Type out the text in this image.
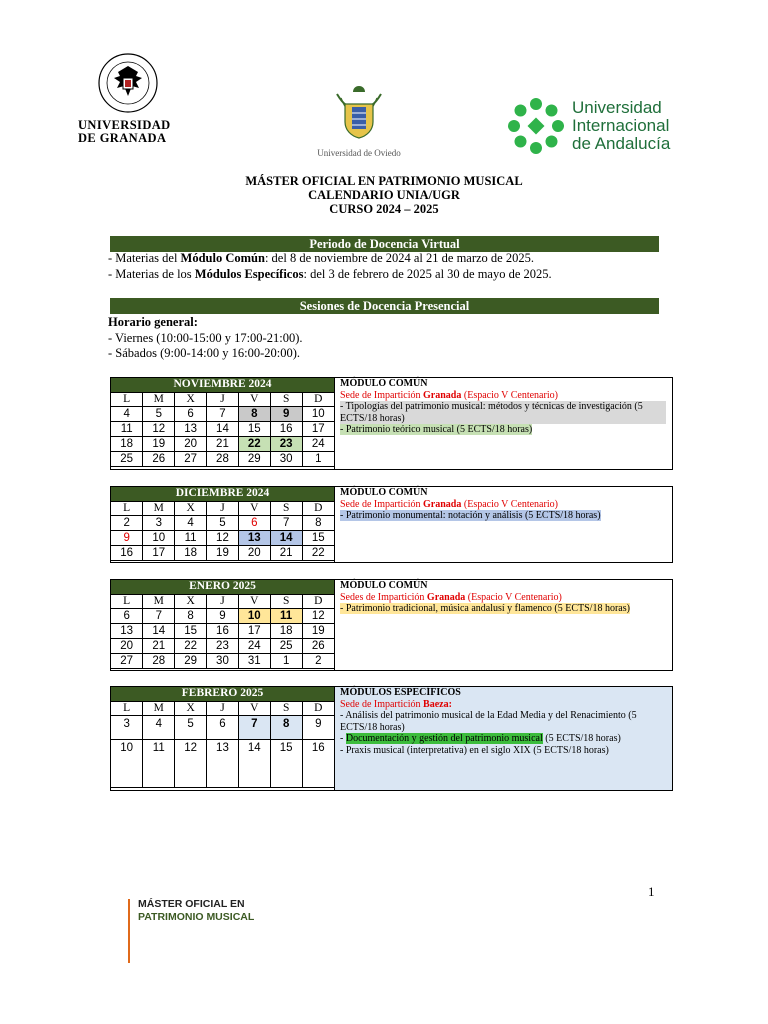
UNIVERSIDAD
DE GRANADA
Universidad de Oviedo
Universidad
Internacional
de Andalucía
MÁSTER OFICIAL EN PATRIMONIO MUSICAL
CALENDARIO UNIA/UGR
CURSO 2024 – 2025
Periodo de Docencia Virtual
- Materias del Módulo Común: del 8 de noviembre de 2024 al 21 de marzo de 2025.
- Materias de los Módulos Específicos: del 3 de febrero de 2025 al 30 de mayo de 2025.
Sesiones de Docencia Presencial
Horario general:
- Viernes (10:00-15:00 y 17:00-21:00).
- Sábados (9:00-14:00 y 16:00-20:00).
NOVIEMBRE 2024						
L	M	X	J	V	S	D
4	5	6	7	8	9	10
11	12	13	14	15	16	17
18	19	20	21	22	23	24
25	26	27	28	29	30	1
MÓDULO COMÚN
Sede de Impartición Granada (Espacio V Centenario)
- Tipologías del patrimonio musical: métodos y técnicas de investigación (5 ECTS/18 horas)
- Patrimonio teórico musical (5 ECTS/18 horas)
DICIEMBRE 2024						
L	M	X	J	V	S	D
2	3	4	5	6	7	8
9	10	11	12	13	14	15
16	17	18	19	20	21	22
MÓDULO COMÚN
Sede de Impartición Granada (Espacio V Centenario)
- Patrimonio monumental: notación y análisis (5 ECTS/18 horas)
ENERO 2025						
L	M	X	J	V	S	D
6	7	8	9	10	11	12
13	14	15	16	17	18	19
20	21	22	23	24	25	26
27	28	29	30	31	1	2
MÓDULO COMÚN
Sedes de Impartición Granada (Espacio V Centenario)
- Patrimonio tradicional, música andalusí y flamenco (5 ECTS/18 horas)
FEBRERO 2025						
L	M	X	J	V	S	D
3	4	5	6	7	8	9
10	11	12	13	14	15	16
MÓDULOS ESPECÍFICOS
Sede de Impartición Baeza:
- Análisis del patrimonio musical de la Edad Media y del Renacimiento (5 ECTS/18 horas)
- Documentación y gestión del patrimonio musical (5 ECTS/18 horas)
- Praxis musical (interpretativa) en el siglo XIX (5 ECTS/18 horas)
1
MÁSTER OFICIAL EN
PATRIMONIO MUSICAL
